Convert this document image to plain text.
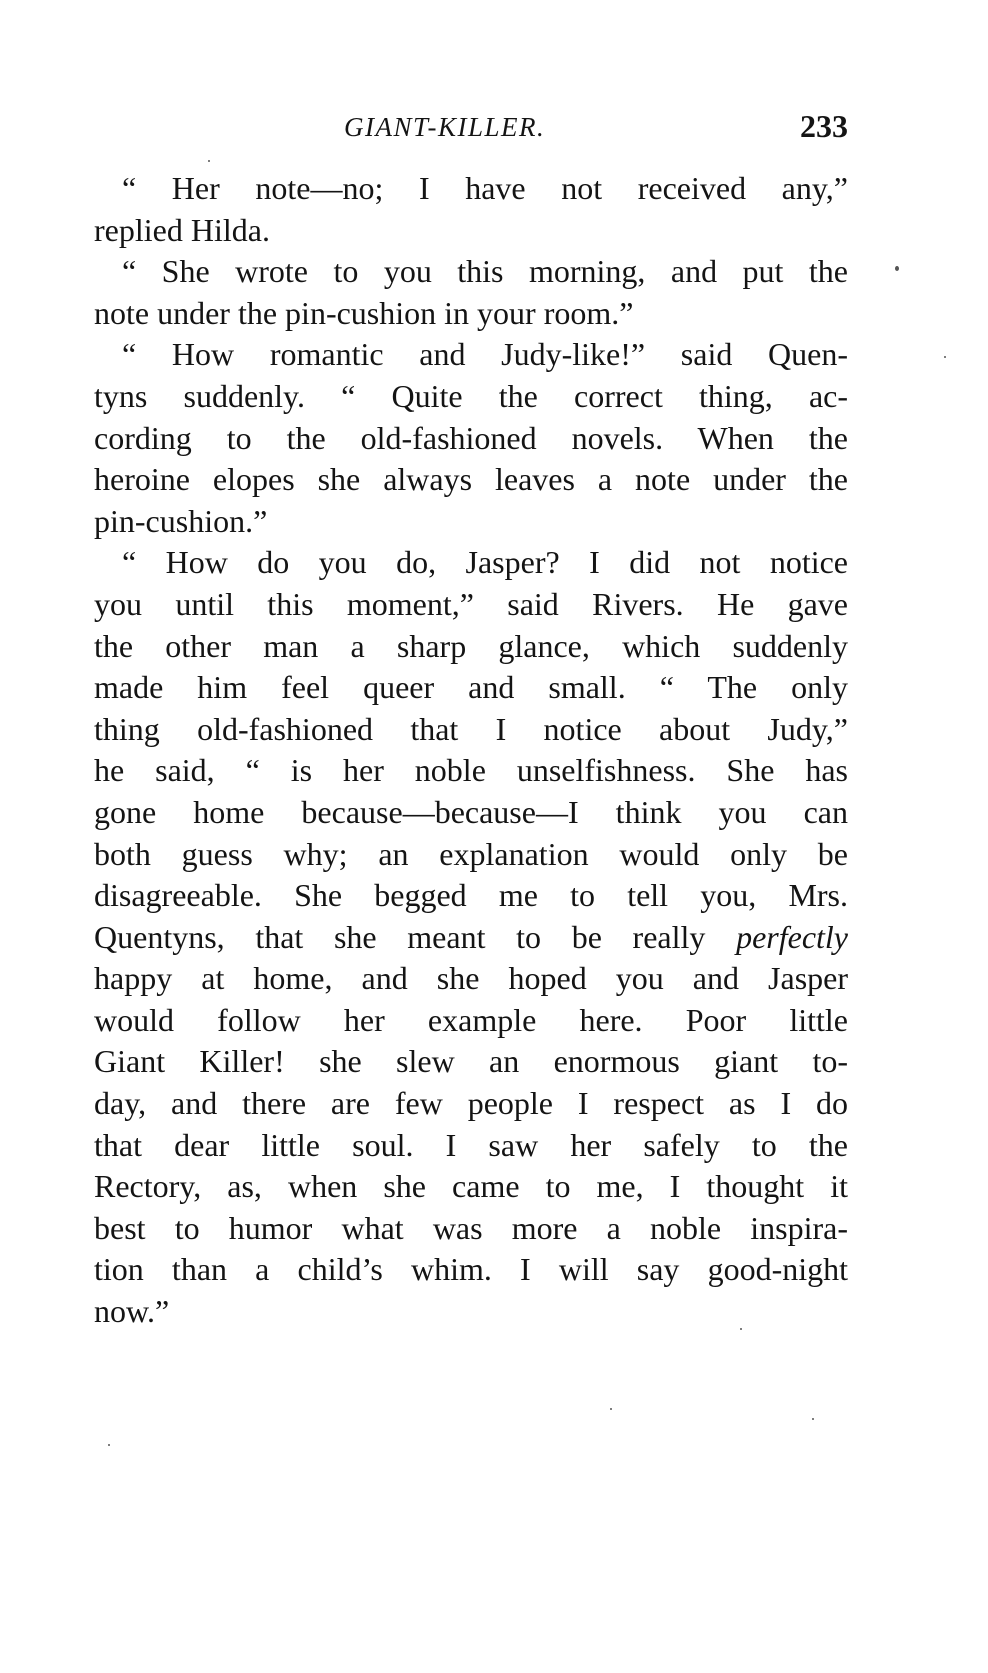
GIANT-KILLER.	233
“ Her note—no; I have not received any,”
replied Hilda.
“ She wrote to you this morning, and put the
note under the pin-cushion in your room.”
“ How romantic and Judy-like!” said Quen-
tyns suddenly. “ Quite the correct thing, ac-
cording to the old-fashioned novels. When the
heroine elopes she always leaves a note under the
pin-cushion.”
“ How do you do, Jasper? I did not notice
you until this moment,” said Rivers. He gave
the other man a sharp glance, which suddenly
made him feel queer and small. “ The only
thing old-fashioned that I notice about Judy,”
he said, “ is her noble unselfishness. She has
gone home because—because—I think you can
both guess why; an explanation would only be
disagreeable. She begged me to tell you, Mrs.
Quentyns, that she meant to be really perfectly
happy at home, and she hoped you and Jasper
would follow her example here. Poor little
Giant Killer! she slew an enormous giant to-
day, and there are few people I respect as I do
that dear little soul. I saw her safely to the
Rectory, as, when she came to me, I thought it
best to humor what was more a noble inspira-
tion than a child’s whim. I will say good-night
now.”
